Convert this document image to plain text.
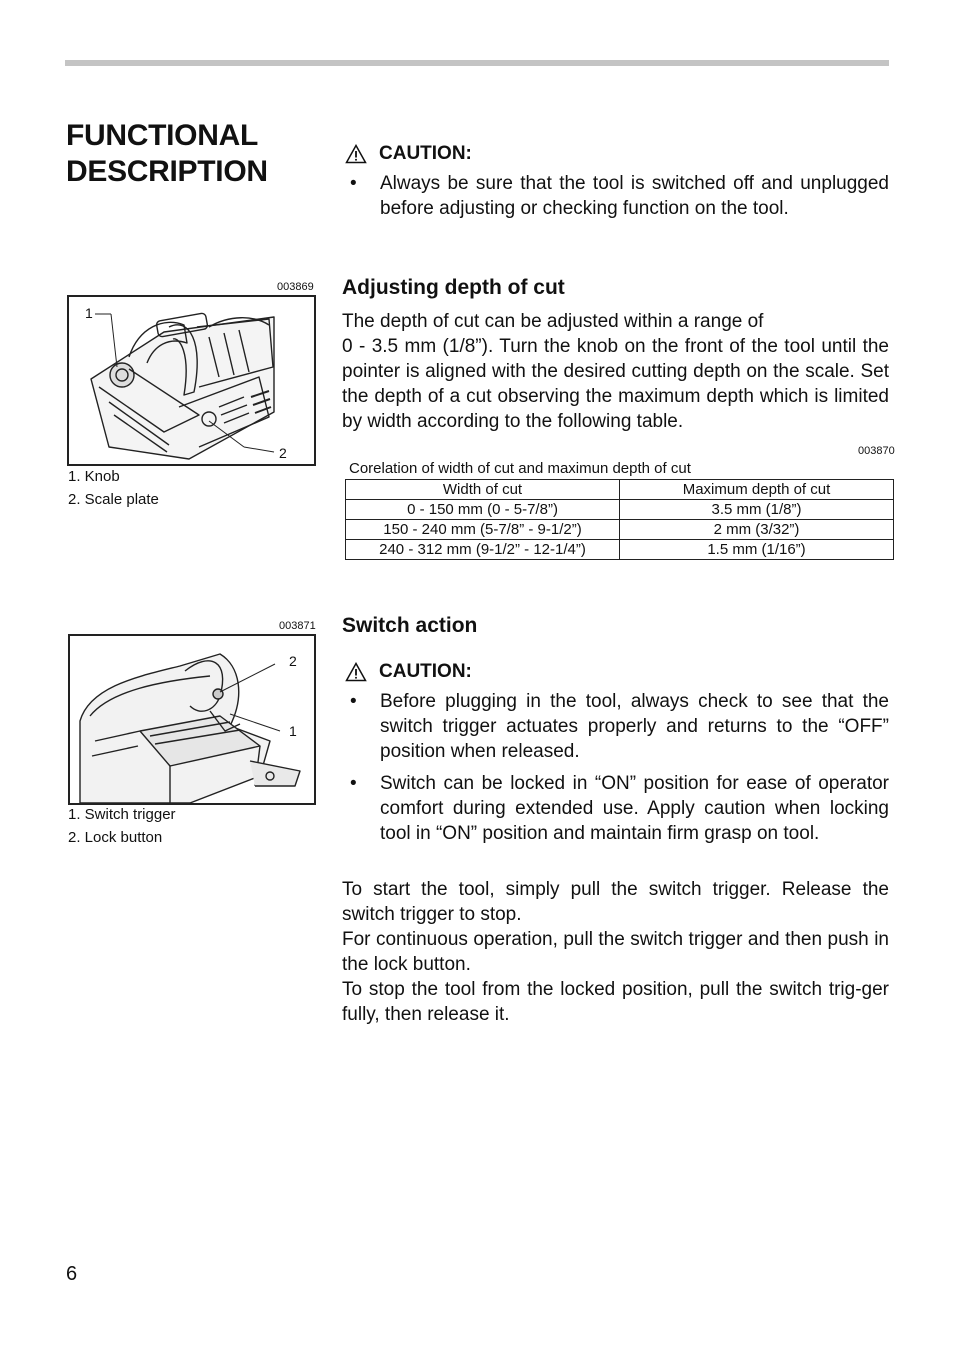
FUNCTIONAL
DESCRIPTION
CAUTION:
• Always be sure that the tool is switched off and unplugged before adjusting or checking function on the tool.
Adjusting depth of cut

The depth of cut can be adjusted within a range of

0 - 3.5 mm (1/8”). Turn the knob on the front of the tool until the pointer is aligned with the desired cutting depth on the scale. Set the depth of a cut observing the maximum depth which is limited by width according to the following table.

003869
1
2
1. Knob
2. Scale plate
003870
Corelation of width of cut and maximun depth of cut
Width of cut	Maximum depth of cut
0 - 150 mm (0 - 5-7/8”)	3.5 mm (1/8”)
150 - 240 mm (5-7/8” - 9-1/2”)	2 mm (3/32”)
240 - 312 mm (9-1/2” - 12-1/4”)	1.5 mm (1/16”)
Switch action
003871
2
1
1. Switch trigger
2. Lock button
CAUTION:
• Before plugging in the tool, always check to see that the switch trigger actuates properly and returns to the “OFF” position when released.
• Switch can be locked in “ON” position for ease of operator comfort during extended use. Apply caution when locking tool in “ON” position and maintain firm grasp on tool.

To start the tool, simply pull the switch trigger. Release the switch trigger to stop.

For continuous operation, pull the switch trigger and then push in the lock button.

To stop the tool from the locked position, pull the switch trig-ger fully, then release it.

6
